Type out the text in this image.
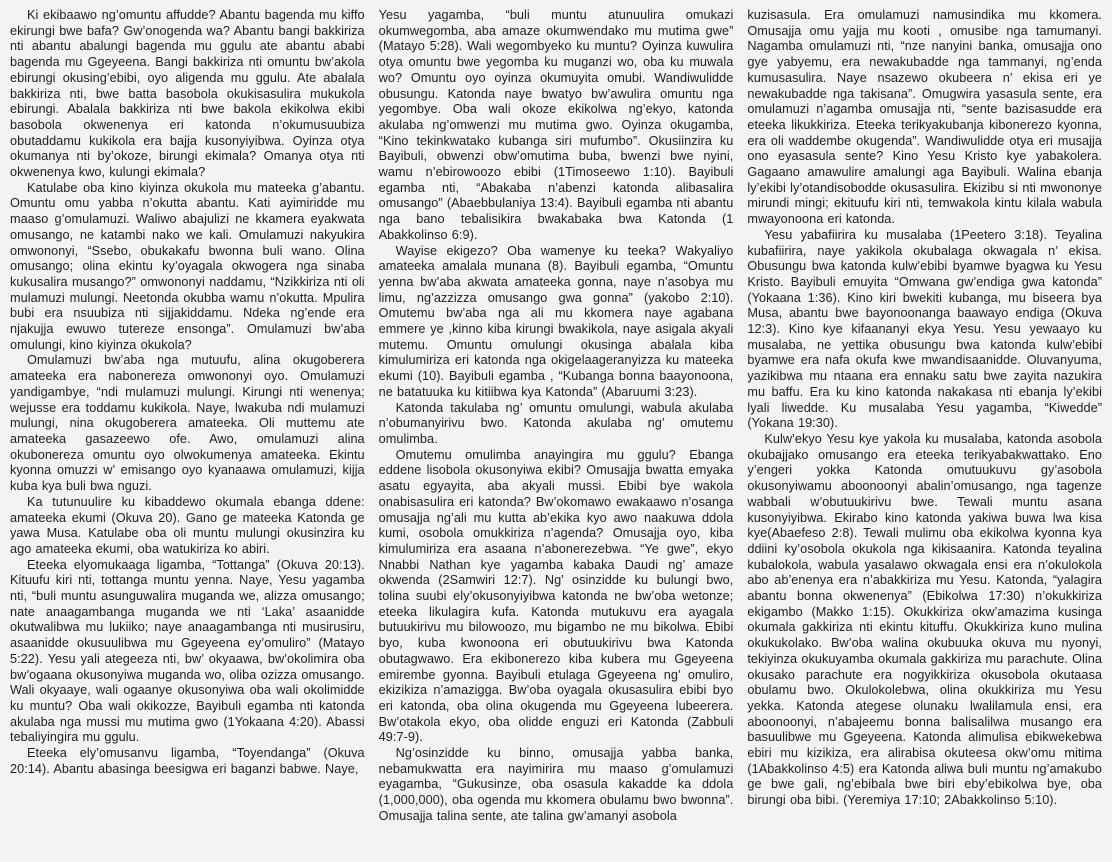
Ki ekibaawo ng’omuntu affudde? Abantu bagenda mu kiffo ekirungi bwe bafa? Gw’onogenda wa? Abantu bangi bakkiriza nti abantu abalungi bagenda mu ggulu ate abantu ababi bagenda mu Ggeyeena. Bangi bakkiriza nti omuntu bw’akola ebirungi okusing’ebibi, oyo aligenda mu ggulu. Ate abalala bakkiriza nti, bwe batta basobola okukisasulira mukukola ebirungi. Abalala bakkiriza nti bwe bakola ekikolwa ekibi basobola okwenenya eri katonda n’okumusuubiza obutaddamu kukikola era bajja kusonyiyibwa. Oyinza otya okumanya nti by’okoze, birungi ekimala? Omanya otya nti okwenenya kwo, kulungi ekimala?

Katulabe oba kino kiyinza okukola mu mateeka g’abantu. Omuntu omu yabba n’okutta abantu. Kati ayimiridde mu maaso g’omulamuzi. Waliwo abajulizi ne kkamera eyakwata omusango, ne katambi nako we kali. Omulamuzi nakyukira omwononyi, “Ssebo, obukakafu bwonna buli wano. Olina omusango; olina ekintu ky’oyagala okwogera nga sinaba kukusalira musango?” omwononyi naddamu, “Nzikkiriza nti oli mulamuzi mulungi. Neetonda okubba wamu n’okutta. Mpulira bubi era nsuubiza nti sijjakiddamu. Ndeka ng’ende era njakujja ewuwo tutereze ensonga”. Omulamuzi bw’aba omulungi, kino kiyinza okukola?

Omulamuzi bw’aba nga mutuufu, alina okugoberera amateeka era nabonereza omwononyi oyo. Omulamuzi yandigambye, “ndi mulamuzi mulungi. Kirungi nti wenenya; wejusse era toddamu kukikola. Naye, lwakuba ndi mulamuzi mulungi, nina okugoberera amateeka. Oli muttemu ate amateeka gasazeewo ofe. Awo, omulamuzi alina okubonereza omuntu oyo olwokumenya amateeka. Ekintu kyonna omuzzi w’ emisango oyo kyanaawa omulamuzi, kijja kuba kya buli bwa nguzi.

Ka tutunuulire ku kibaddewo okumala ebanga ddene: amateeka ekumi (Okuva 20). Gano ge mateeka Katonda ge yawa Musa. Katulabe oba oli muntu mulungi okusinzira ku ago amateeka ekumi, oba watukiriza ko abiri.

Eteeka elyomukaaga ligamba, “Tottanga” (Okuva 20:13). Kituufu kiri nti, tottanga muntu yenna. Naye, Yesu yagamba nti, “buli muntu asunguwalira muganda we, alizza omusango; nate anaagambanga muganda we nti ‘Laka’ asaanidde okutwalibwa mu lukiiko; naye anaagambanga nti musirusiru, asaanidde okusuulibwa mu Ggeyeena ey’omuliro” (Matayo 5:22). Yesu yali ategeeza nti, bw’ okyaawa, bw’okolimira oba bw’ogaana okusonyiwa muganda wo, oliba ozizza omusango. Wali okyaaye, wali ogaanye okusonyiwa oba wali okolimidde ku muntu? Oba wali okikozze, Bayibuli egamba nti katonda akulaba nga mussi mu mutima gwo (1Yokaana 4:20). Abassi tebaliyingira mu ggulu.

Eteeka ely’omusanvu ligamba, “Toyendanga” (Okuva 20:14). Abantu abasinga beesigwa eri baganzi babwe. Naye,

Yesu yagamba, “buli muntu atunuulira omukazi okumwegomba, aba amaze okumwendako mu mutima gwe” (Matayo 5:28). Wali wegombyeko ku muntu? Oyinza kuwulira otya omuntu bwe yegomba ku muganzi wo, oba ku muwala wo? Omuntu oyo oyinza okumuyita omubi. Wandiwulidde obusungu. Katonda naye bwatyo bw’awulira omuntu nga yegombye. Oba wali okoze ekikolwa ng’ekyo, katonda akulaba ng’omwenzi mu mutima gwo. Oyinza okugamba, “Kino tekinkwatako kubanga siri mufumbo”. Okusiinzira ku Bayibuli, obwenzi obw’omutima buba, bwenzi bwe nyini, wamu n’ebirowoozo ebibi (1Timoseewo 1:10). Bayibuli egamba nti, “Abakaba n’abenzi katonda alibasalira omusango” (Abaebbulaniya 13:4). Bayibuli egamba nti abantu nga bano tebalisikira bwakabaka bwa Katonda (1 Abakkolinso 6:9).

Wayise ekigezo? Oba wamenye ku teeka? Wakyaliyo amateeka amalala munana (8). Bayibuli egamba, “Omuntu yenna bw’aba akwata amateeka gonna, naye n’asobya mu limu, ng’azzizza omusango gwa gonna” (yakobo 2:10). Omutemu bw’aba nga ali mu kkomera naye agabana emmere ye ,kinno kiba kirungi bwakikola, naye asigala akyali mutemu. Omuntu omulungi okusinga abalala kiba kimulumiriza eri katonda nga okigelaageranyizza ku mateeka ekumi (10). Bayibuli egamba , “Kubanga bonna baayonoona, ne batatuuka ku kitiibwa kya Katonda” (Abaruumi 3:23).

Katonda takulaba ng’ omuntu omulungi, wabula akulaba n’obumanyirivu bwo. Katonda akulaba ng’ omutemu omulimba.

Omutemu omulimba anayingira mu ggulu? Ebanga eddene lisobola okusonyiwa ekibi? Omusajja bwatta emyaka asatu egyayita, aba akyali mussi. Ebibi bye wakola onabisasulira eri katonda? Bw’okomawo ewakaawo n’osanga omusajja ng’ali mu kutta ab’ekika kyo awo naakuwa ddola kumi, osobola omukkiriza n’agenda? Omusajja oyo, kiba kimulumiriza era asaana n’abonerezebwa. “Ye gwe”, ekyo Nnabbi Nathan kye yagamba kabaka Daudi ng’ amaze okwenda (2Samwiri 12:7). Ng’ osinzidde ku bulungi bwo, tolina suubi ely’okusonyiyibwa katonda ne bw’oba wetonze; eteeka likulagira kufa. Katonda mutukuvu era ayagala butuukirivu mu bilowoozo, mu bigambo ne mu bikolwa. Ebibi byo, kuba kwonoona eri obutuukirivu bwa Katonda obutagwawo. Era ekibonerezo kiba kubera mu Ggeyeena emirembe gyonna. Bayibuli etulaga Ggeyeena ng’ omuliro, ekizikiza n’amazigga. Bw’oba oyagala okusasulira ebibi byo eri katonda, oba olina okugenda mu Ggeyeena lubeerera. Bw’otakola ekyo, oba olidde enguzi eri Katonda (Zabbuli 49:7-9).

Ng’osinzidde ku binno, omusajja yabba banka, nebamukwatta era nayimirira mu maaso g’omulamuzi eyagamba, “Gukusinze, oba osasula kakadde ka ddola (1,000,000), oba ogenda mu kkomera obulamu bwo bwonna”. Omusajja talina sente, ate talina gw’amanyi asobola

kuzisasula. Era omulamuzi namusindika mu kkomera. Omusajja omu yajja mu kooti , omusibe nga tamumanyi. Nagamba omulamuzi nti, “nze nanyini banka, omusajja ono gye yabyemu, era newakubadde nga tammanyi, ng’enda kumusasulira. Naye nsazewo okubeera n’ ekisa eri ye newakubadde nga takisana”. Omugwira yasasula sente, era omulamuzi n’agamba omusajja nti, “sente bazisasudde era eteeka likukkiriza. Eteeka terikyakubanja kibonerezo kyonna, era oli waddembe okugenda”. Wandiwulidde otya eri musajja ono eyasasula sente? Kino Yesu Kristo kye yabakolera. Gagaano amawulire amalungi aga Bayibuli. Walina ebanja ly’ekibi ly’otandisobodde okusasulira. Ekizibu si nti mwononye mirundi mingi; ekituufu kiri nti, temwakola kintu kilala wabula mwayonoona eri katonda.

Yesu yabafiirira ku musalaba (1Peetero 3:18). Teyalina kubafiirira, naye yakikola okubalaga okwagala n’ ekisa. Obusungu bwa katonda kulw’ebibi byamwe byagwa ku Yesu Kristo. Bayibuli emuyita “Omwana gw’endiga gwa katonda” (Yokaana 1:36). Kino kiri bwekiti kubanga, mu biseera bya Musa, abantu bwe bayonoonanga baawayo endiga (Okuva 12:3). Kino kye kifaananyi ekya Yesu. Yesu yewaayo ku musalaba, ne yettika obusungu bwa katonda kulw’ebibi byamwe era nafa okufa kwe mwandisaanidde. Oluvanyuma, yazikibwa mu ntaana era ennaku satu bwe zayita nazukira mu baffu. Era ku kino katonda nakakasa nti ebanja ly’ekibi lyali liwedde. Ku musalaba Yesu yagamba, “Kiwedde” (Yokana 19:30).

Kulw’ekyo Yesu kye yakola ku musalaba, katonda asobola okubajjako omusango era eteeka terikyabakwattako. Eno y’engeri yokka Katonda omutuukuvu gy’asobola okusonyiwamu aboonoonyi abalin’omusango, nga tagenze wabbali w’obutuukirivu bwe. Tewali muntu asana kusonyiyibwa. Ekirabo kino katonda yakiwa buwa lwa kisa kye(Abaefeso 2:8). Tewali mulimu oba ekikolwa kyonna kya ddiini ky’osobola okukola nga kikisaanira. Katonda teyalina kubalokola, wabula yasalawo okwagala ensi era n’okulokola abo ab’enenya era n’abakkiriza mu Yesu. Katonda, “yalagira abantu bonna okwenenya” (Ebikolwa 17:30) n’okukkiriza ekigambo (Makko 1:15). Okukkiriza okw’amazima kusinga okumala gakkiriza nti ekintu kituffu. Okukkiriza kuno mulina okukukolako. Bw’oba walina okubuuka okuva mu nyonyi, tekiyinza okukuyamba okumala gakkiriza mu parachute. Olina okusako parachute era nogyikkiriza okusobola okutaasa obulamu bwo. Okulokolebwa, olina okukkiriza mu Yesu yekka. Katonda ategese olunaku lwalilamula ensi, era aboonoonyi, n’abajeemu bonna balisalilwa musango era basuulibwe mu Ggeyeena. Katonda alimulisa ebikwekebwa ebiri mu kizikiza, era alirabisa okuteesa okw’omu mitima (1Abakkolinso 4:5) era Katonda aliwa buli muntu ng’amakubo ge bwe gali, ng’ebibala bwe biri eby’ebikolwa bye, oba birungi oba bibi. (Yeremiya 17:10; 2Abakkolinso 5:10).
